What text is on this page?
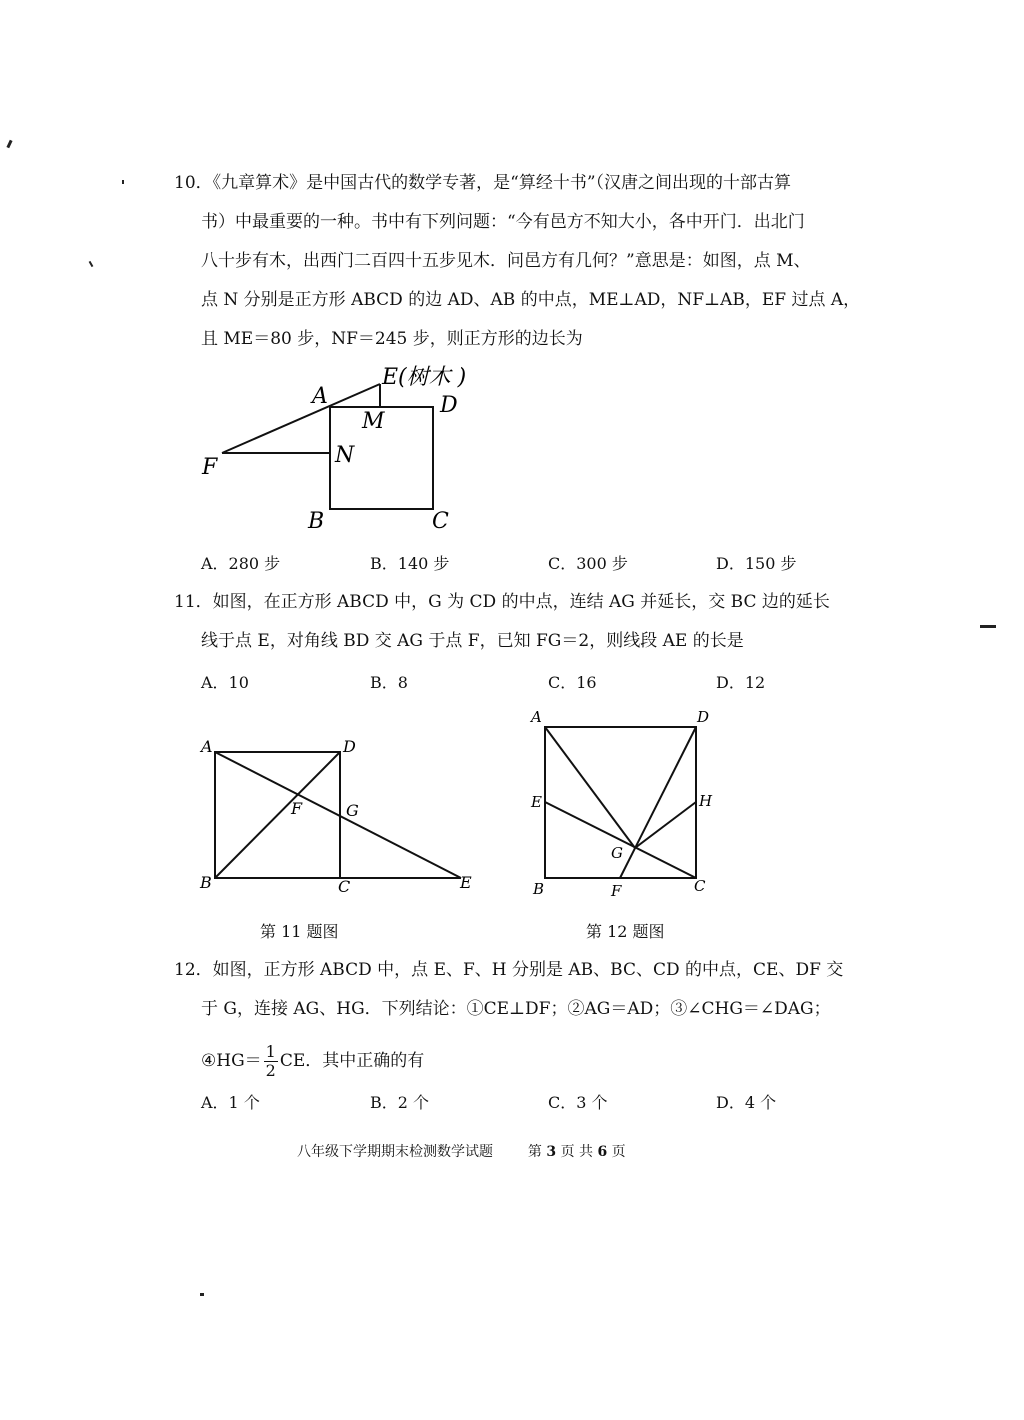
10．《九章算术》是中国古代的数学专著，是“算经十书”（汉唐之间出现的十部古算
书）中最重要的一种。书中有下列问题：“今有邑方不知大小，各中开门．出北门
八十步有木，出西门二百四十五步见木．问邑方有几何？”意思是：如图，点 M、
点 N 分别是正方形 ABCD 的边 AD、AB 的中点，ME⊥AD，NF⊥AB，EF 过点 A，
且 ME＝80 步，NF＝245 步，则正方形的边长为
A
E(树木 )
M
D
F	N
B	C
A．280 步	B．140 步	C．300 步	D．150 步
11．如图，在正方形 ABCD 中，G 为 CD 的中点，连结 AG 并延长，交 BC 边的延长
线于点 E，对角线 BD 交 AG 于点 F，已知 FG＝2，则线段 AE 的长是
A．10	B．8	C．16	D．12
A	D
F	G
B	C	E
第 11 题图
A	D
E	H
G
B	F	C
第 12 题图
12．如图，正方形 ABCD 中，点 E、F、H 分别是 AB、BC、CD 的中点，CE、DF 交
于 G，连接 AG、HG．下列结论：①CE⊥DF；②AG＝AD；③∠CHG＝∠DAG；
④HG＝ $\frac{1}{2}$ CE．其中正确的有
A．1 个	B．2 个	C．3 个	D．4 个
八年级下学期期末检测数学试题 第 3 页 共 6 页
